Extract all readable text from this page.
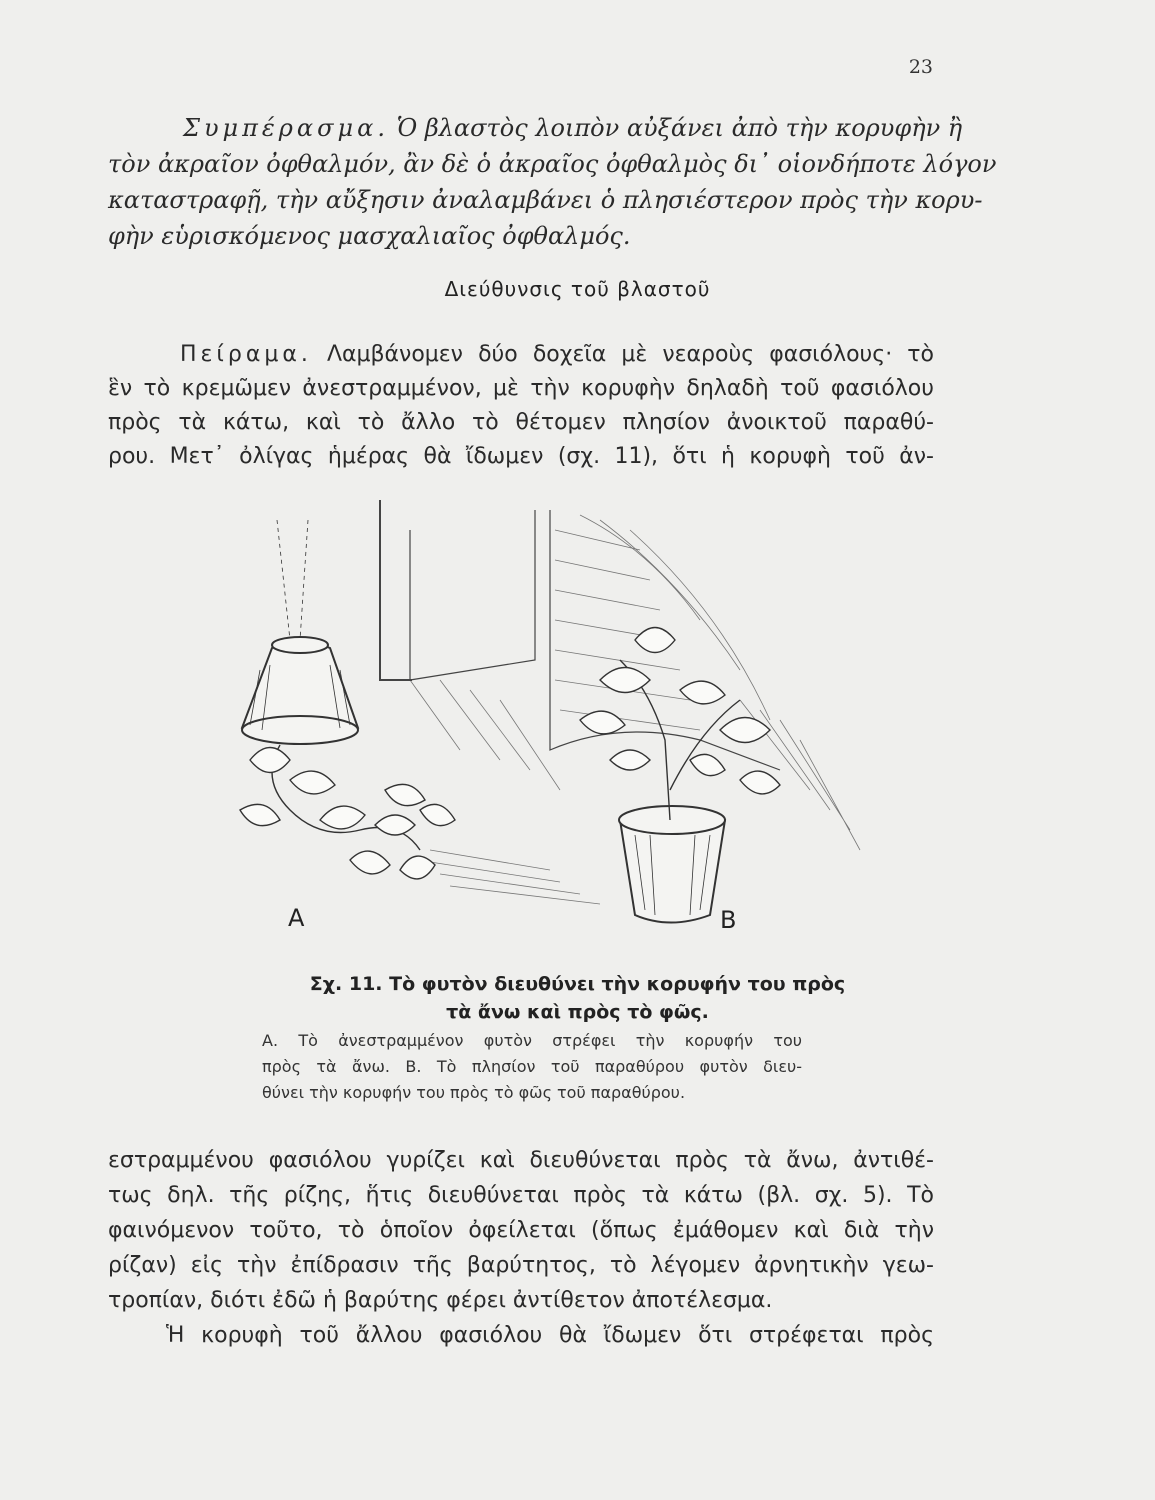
23
Συμπέρασμα. Ὁ βλαστὸς λοιπὸν αὐξάνει ἀπὸ τὴν κορυφὴν ἢ
τὸν ἀκραῖον ὀφθαλμόν, ἂν δὲ ὁ ἀκραῖος ὀφθαλμὸς δι᾿ οἱονδήποτε λόγον
καταστραφῇ, τὴν αὔξησιν ἀναλαμβάνει ὁ πλησιέστερον πρὸς τὴν κορυ-
φὴν εὑρισκόμενος μασχαλιαῖος ὀφθαλμός.
Διεύθυνσις τοῦ βλαστοῦ
Πείραμα. Λαμβάνομεν δύο δοχεῖα μὲ νεαροὺς φασιόλους· τὸ
ἓν τὸ κρεμῶμεν ἀνεστραμμένον, μὲ τὴν κορυφὴν δηλαδὴ τοῦ φασιόλου
πρὸς τὰ κάτω, καὶ τὸ ἄλλο τὸ θέτομεν πλησίον ἀνοικτοῦ παραθύ-
ρου. Μετ᾿ ὀλίγας ἡμέρας θὰ ἴδωμεν (σχ. 11), ὅτι ἡ κορυφὴ τοῦ ἀν-
A	B
Σχ. 11. Τὸ φυτὸν διευθύνει τὴν κορυφήν του πρὸς
τὰ ἄνω καὶ πρὸς τὸ φῶς.
Α. Τὸ ἀνεστραμμένον φυτὸν στρέφει τὴν κορυφήν του
πρὸς τὰ ἄνω. Β. Τὸ πλησίον τοῦ παραθύρου φυτὸν διευ-
θύνει τὴν κορυφήν του πρὸς τὸ φῶς τοῦ παραθύρου.
εστραμμένου φασιόλου γυρίζει καὶ διευθύνεται πρὸς τὰ ἄνω, ἀντιθέ-
τως δηλ. τῆς ρίζης, ἥτις διευθύνεται πρὸς τὰ κάτω (βλ. σχ. 5). Τὸ
φαινόμενον τοῦτο, τὸ ὁποῖον ὀφείλεται (ὅπως ἐμάθομεν καὶ διὰ τὴν
ρίζαν) εἰς τὴν ἐπίδρασιν τῆς βαρύτητος, τὸ λέγομεν ἀρνητικὴν γεω-
τροπίαν, διότι ἐδῶ ἡ βαρύτης φέρει ἀντίθετον ἀποτέλεσμα.
Ἡ κορυφὴ τοῦ ἄλλου φασιόλου θὰ ἴδωμεν ὅτι στρέφεται πρὸς
